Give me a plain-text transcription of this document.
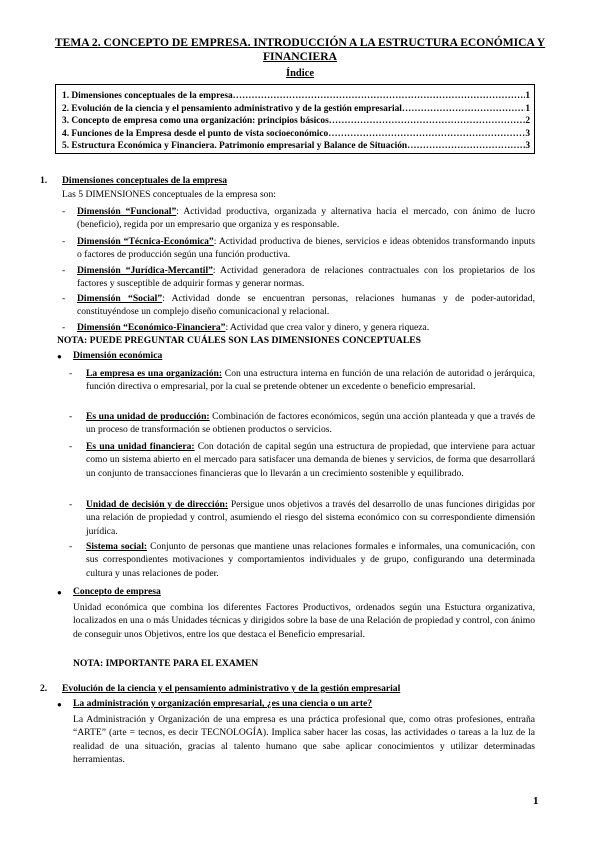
TEMA 2. CONCEPTO DE EMPRESA. INTRODUCCIÓN A LA ESTRUCTURA ECONÓMICA Y FINANCIERA
Índice
1. Dimensiones conceptuales de la empresa ……………………………………………………………………………………………………………………………………………………………	1
2. Evolución de la ciencia y el pensamiento administrativo y de la gestión empresarial ……………………………………………………………………………………………………………………………………………………………	1
3. Concepto de empresa como una organización: principios básicos ……………………………………………………………………………………………………………………………………………………………	2
4. Funciones de la Empresa desde el punto de vista socioeconómico ……………………………………………………………………………………………………………………………………………………………	3
5. Estructura Económica y Financiera. Patrimonio empresarial y Balance de Situación ……………………………………………………………………………………………………………………………………………………………	3
1. Dimensiones conceptuales de la empresa
Las 5 DIMENSIONES conceptuales de la empresa son:
- Dimensión “Funcional”: Actividad productiva, organizada y alternativa hacia el mercado, con ánimo de lucro (beneficio), regida por un empresario que organiza y es responsable.
- Dimensión “Técnica-Económica”: Actividad productiva de bienes, servicios e ideas obtenidos transformando inputs o factores de producción según una función productiva.
- Dimensión “Jurídica-Mercantil”: Actividad generadora de relaciones contractuales con los propietarios de los factores y susceptible de adquirir formas y generar normas.
- Dimensión “Social”: Actividad donde se encuentran personas, relaciones humanas y de poder-autoridad, constituyéndose un complejo diseño comunicacional y relacional.
- Dimensión “Económico-Financiera”: Actividad que crea valor y dinero, y genera riqueza.
NOTA: PUEDE PREGUNTAR CUÁLES SON LAS DIMENSIONES CONCEPTUALES
● Dimensión económica
- La empresa es una organización: Con una estructura interna en función de una relación de autoridad o jerárquica, función directiva o empresarial, por la cual se pretende obtener un excedente o beneficio empresarial.
- Es una unidad de producción: Combinación de factores económicos, según una acción planteada y que a través de un proceso de transformación se obtienen productos o servicios.
- Es una unidad financiera: Con dotación de capital según una estructura de propiedad, que interviene para actuar como un sistema abierto en el mercado para satisfacer una demanda de bienes y servicios, de forma que desarrollará un conjunto de transacciones financieras que lo llevarán a un crecimiento sostenible y equilibrado.
- Unidad de decisión y de dirección: Persigue unos objetivos a través del desarrollo de unas funciones dirigidas por una relación de propiedad y control, asumiendo el riesgo del sistema económico con su correspondiente dimensión jurídica.
- Sistema social: Conjunto de personas que mantiene unas relaciones formales e informales, una comunicación, con sus correspondientes motivaciones y comportamientos individuales y de grupo, configurando una determinada cultura y unas relaciones de poder.
● Concepto de empresa
Unidad económica que combina los diferentes Factores Productivos, ordenados según una Estuctura organizativa, localizados en una o más Unidades técnicas y dirigidos sobre la base de una Relación de propiedad y control, con ánimo de conseguir unos Objetivos, entre los que destaca el Beneficio empresarial.
NOTA: IMPORTANTE PARA EL EXAMEN
2. Evolución de la ciencia y el pensamiento administrativo y de la gestión empresarial
● La administración y organización empresarial, ¿es una ciencia o un arte?
La Administración y Organización de una empresa es una práctica profesional que, como otras profesiones, entraña “ARTE” (arte = tecnos, es decir TECNOLOGÍA). Implica saber hacer las cosas, las actividades o tareas a la luz de la realidad de una situación, gracias al talento humano que sabe aplicar conocimientos y utilizar determinadas herramientas.
1
